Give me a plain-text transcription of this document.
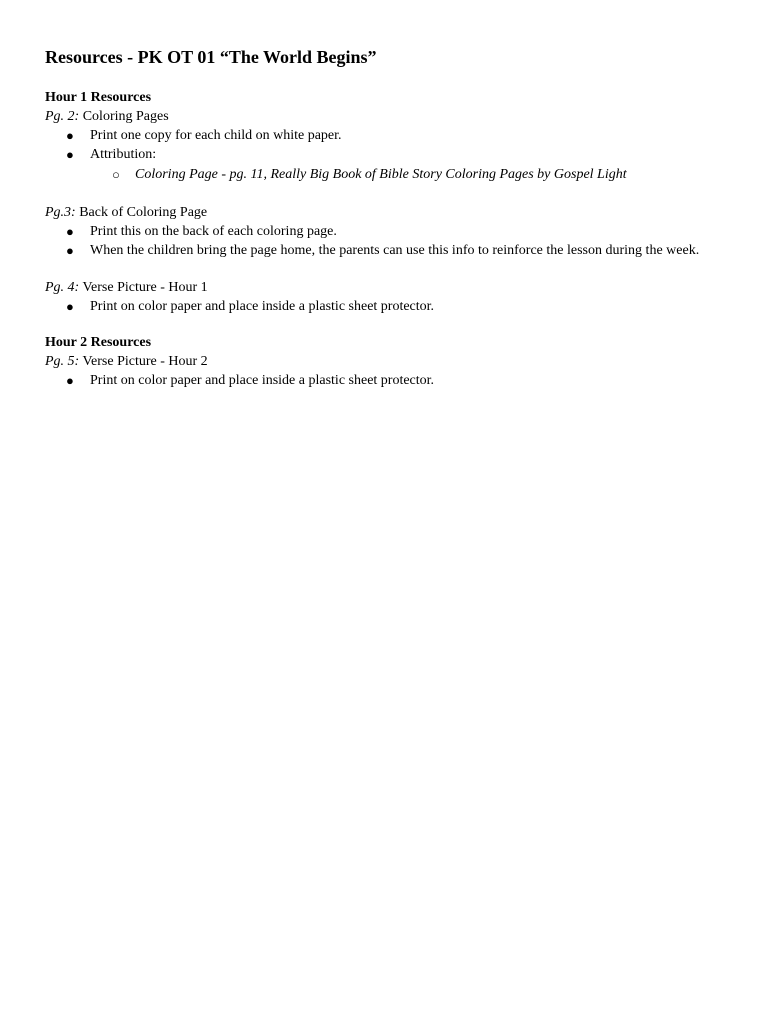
Resources - PK OT 01 “The World Begins”
Hour 1 Resources

Pg. 2: Coloring Pages

● Print one copy for each child on white paper.
● Attribution:
○ Coloring Page - pg. 11, Really Big Book of Bible Story Coloring Pages by Gospel Light

Pg.3: Back of Coloring Page

● Print this on the back of each coloring page.
● When the children bring the page home, the parents can use this info to reinforce the lesson during the week.

Pg. 4: Verse Picture - Hour 1

● Print on color paper and place inside a plastic sheet protector.
Hour 2 Resources

Pg. 5: Verse Picture - Hour 2

● Print on color paper and place inside a plastic sheet protector.
